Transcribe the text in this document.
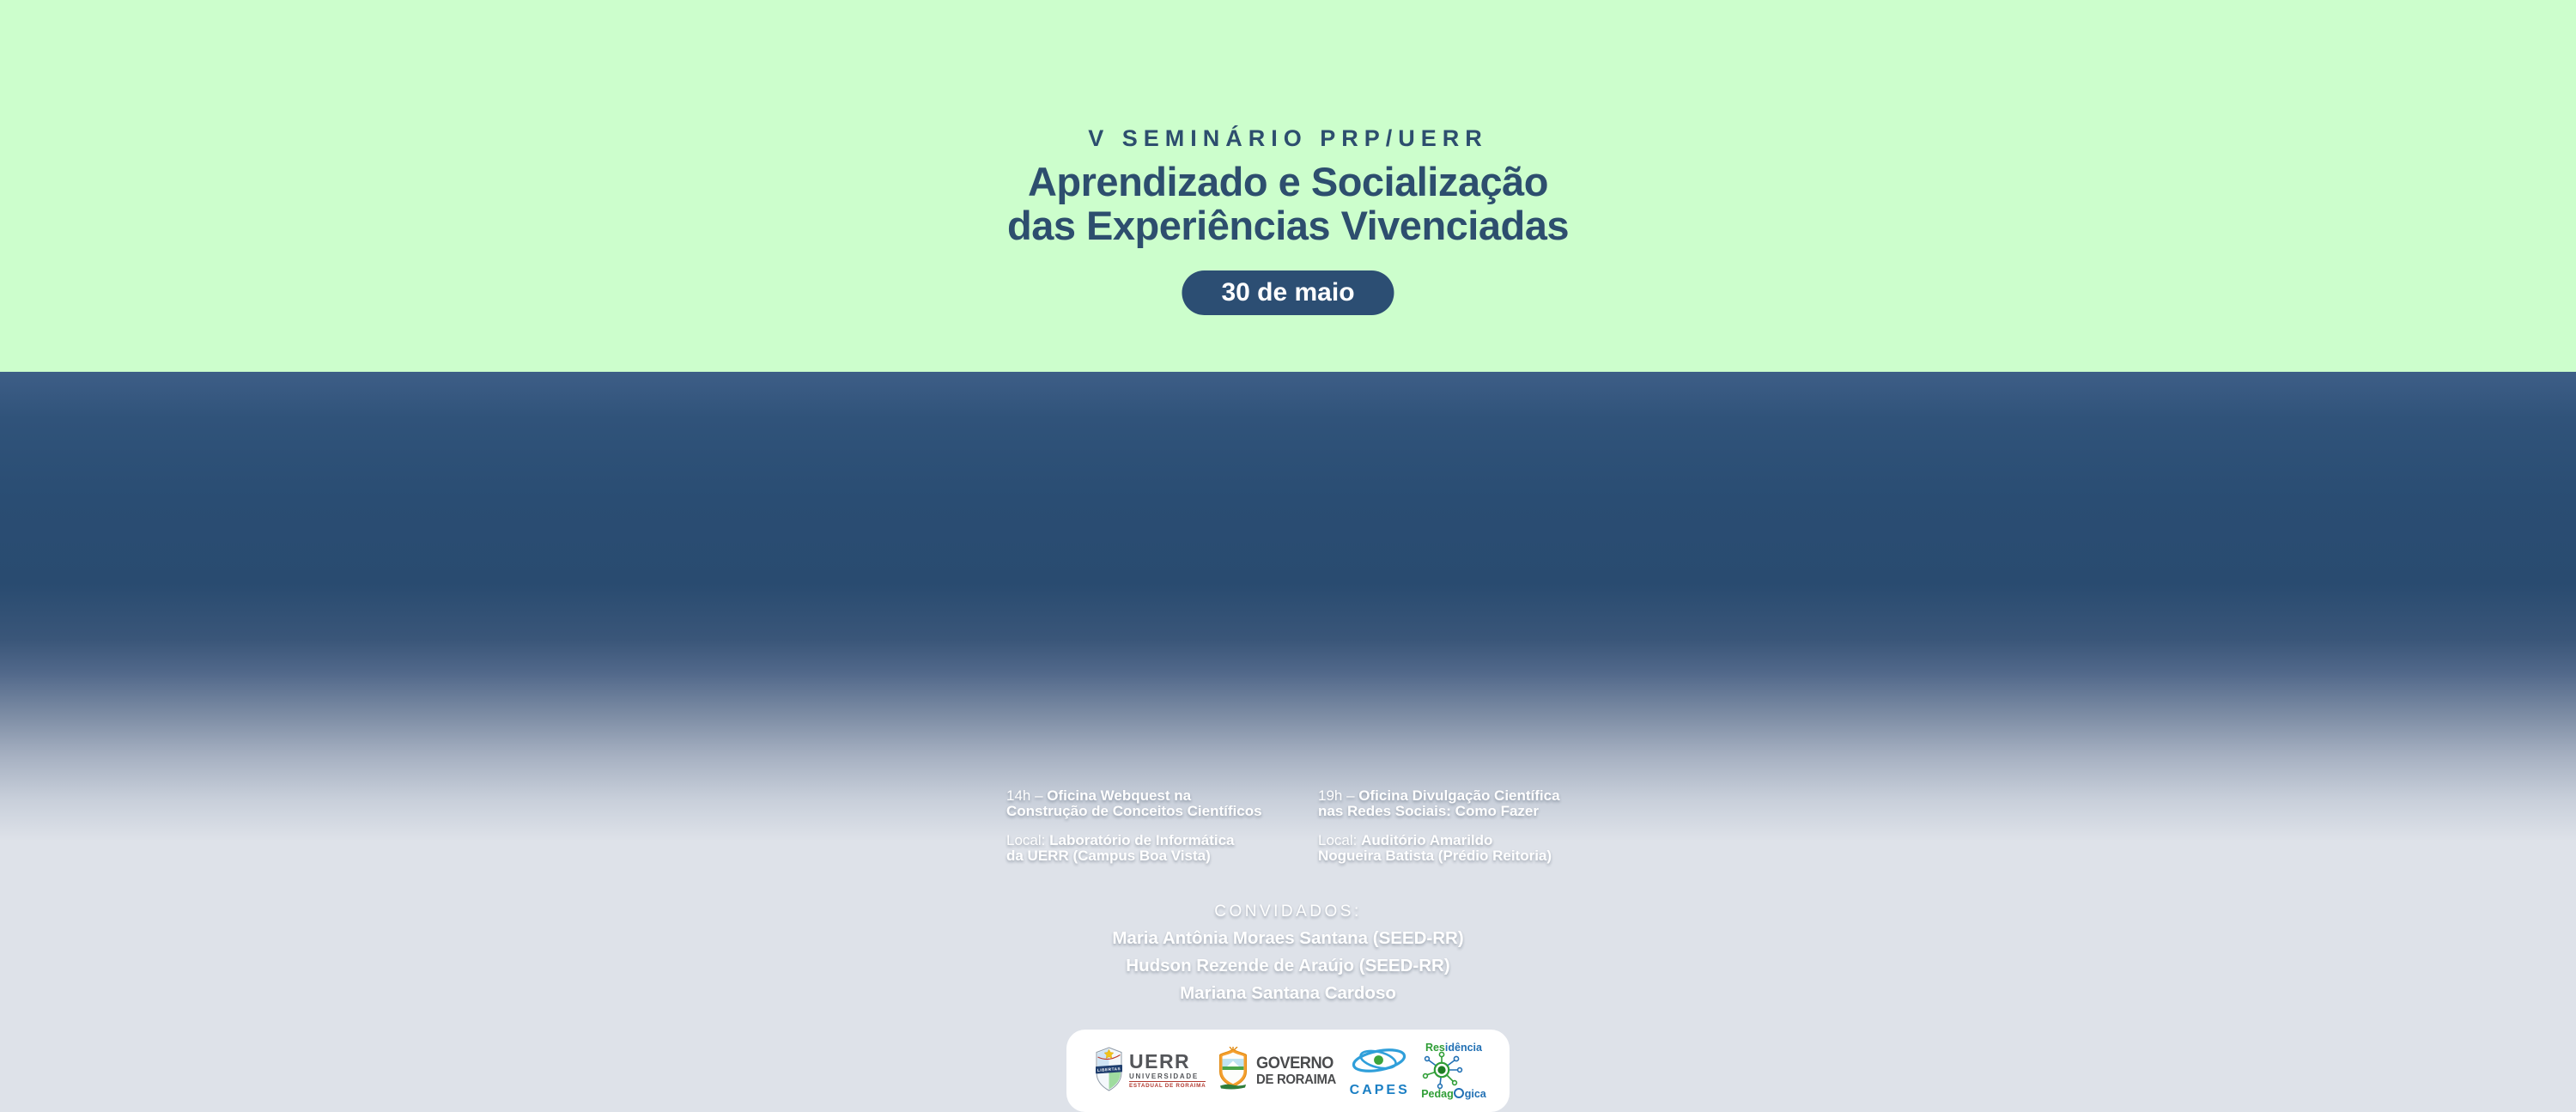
V SEMINÁRIO PRP/UERR
Aprendizado e Socialização
das Experiências Vivenciadas
30 de maio

14h – Oficina Webquest na
Construção de Conceitos Científicos

Local: Laboratório de Informática
da UERR (Campus Boa Vista)

19h – Oficina Divulgação Científica
nas Redes Sociais: Como Fazer

Local: Auditório Amarildo
Nogueira Batista (Prédio Reitoria)

CONVIDADOS:
Maria Antônia Moraes Santana (SEED-RR)
Hudson Rezende de Araújo (SEED-RR)
Mariana Santana Cardoso
LIBERTAS UERR
UNIVERSIDADE
ESTADUAL DE RORAIMA
GOVERNO
DE RORAIMA
CAPES
Residência
Pedag gica
